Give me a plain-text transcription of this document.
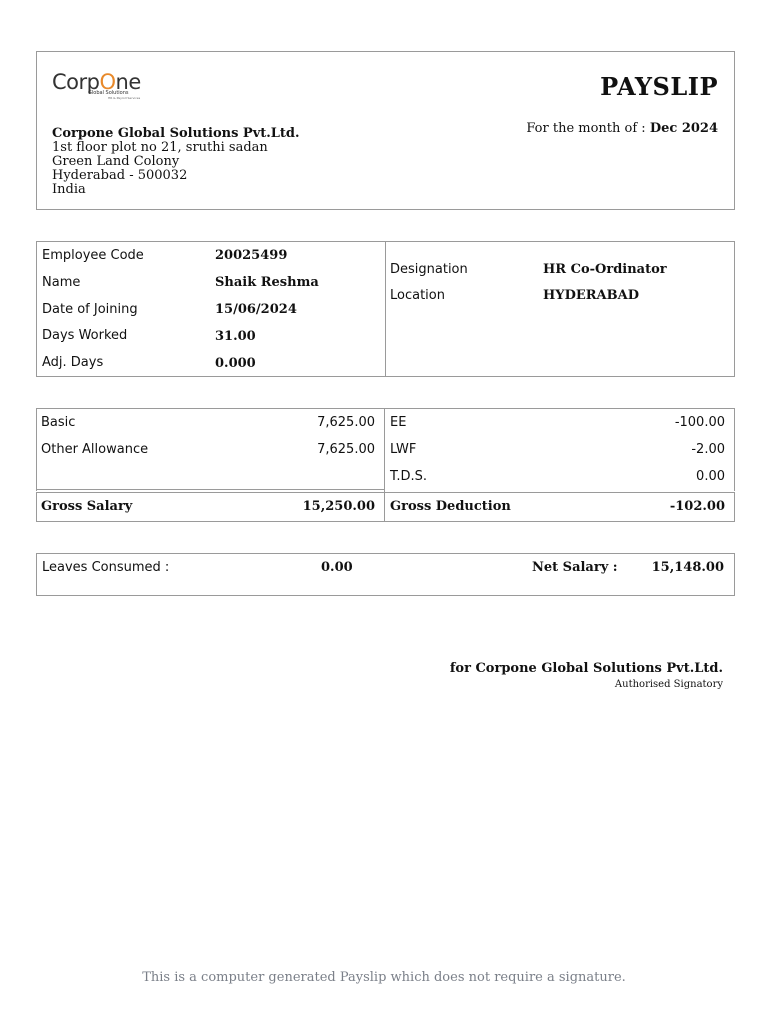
CorpOne
Global Solutions
HR & Payroll Services	PAYSLIP
For the month of : Dec 2024
Corpone Global Solutions Pvt.Ltd.
1st floor plot no 21, sruthi sadan
Green Land Colony
Hyderabad - 500032
India
Employee Code	20025499
Name	Shaik Reshma
Date of Joining	15/06/2024
Days Worked	31.00
Adj. Days	0.000
Designation	HR Co-Ordinator
Location	HYDERABAD
Basic	7,625.00
Other Allowance	7,625.00
EE	-100.00
LWF	-2.00
T.D.S.	0.00
Gross Salary	15,250.00 Gross Deduction	-102.00
Leaves Consumed :	0.00	Net Salary :	15,148.00
for Corpone Global Solutions Pvt.Ltd.
Authorised Signatory
This is a computer generated Payslip which does not require a signature.
